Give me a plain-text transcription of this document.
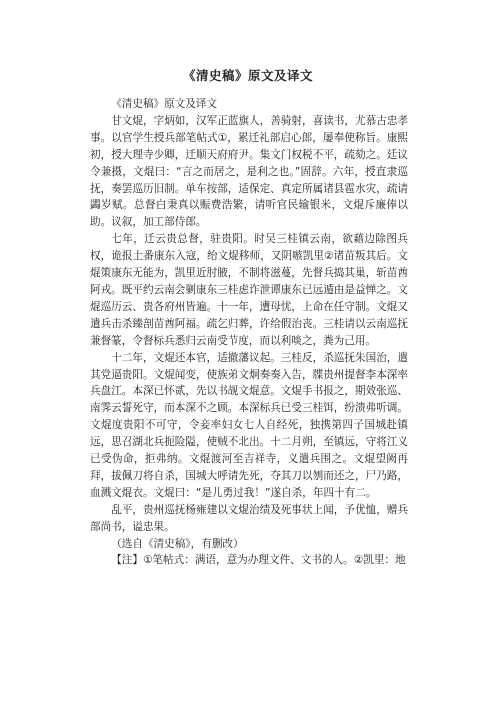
《清史稿》原文及译文

《清史稿》原文及译文

甘文焜，字炳如，汉军正蓝旗人，善骑射，喜读书，尤慕古忠孝事。以官学生授兵部笔帖式①，累迁礼部启心郎，屡奉使称旨。康熙初，授大理寺少卿，迁顺天府府尹。集文门权税不平，疏劾之。廷议令兼摄，文焜曰：“言之而居之，是利之也。”固辞。六年，授直隶巡抚，奏罢巡历旧制。单车按部，适保定、真定所属诸县雹水灾，疏请蠲岁赋。总督白秉真以赈费浩繁，请听官民输银米，文焜斥廉俸以助。议叙，加工部侍郎。

七年，迁云贵总督，驻贵阳。时吴三桂镇云南，欲藉边除图兵权，诡报土番康东入寇，绐文焜移师，又阴嗾凯里②诸苗叛其后。文焜策康东无能为，凯里近肘腋，不制将滋蔓，先督兵捣其巢，斩苗酋阿戎。既平约云南会剿康东三桂虑诈泄谭康东已远遁由是益惮之。文焜巡历云、贵各府州皆遍。十一年，遭母忧，上命在任守制。文焜又遣兵击杀臻剖苗酋阿福。疏乞归葬，许给假治丧。三桂请以云南巡抚兼督篆，令督标兵悉归云南受节度，而以利啖之，粪为己用。

十二年，文焜还本官，适撤藩议起。三桂反，杀巡抚朱国治，遣其党逼贵阳。文焜闻变，使族弟文炯奏奏入告，牒贵州提督李本深率兵盘江。本深已怀贰，先以书觇文焜意。文焜手书报之，期效张巡、南霁云誓死守，而本深不之顾。本深标兵已受三桂饵，纷溃弗听调。文焜度贵阳不可守，令妾率妇女七人自经死，独携第四子国城赴镇远，思召湖北兵扼险隘，使贼不北出。十二月朔，至镇远，守将江义已受伪命，拒弗纳。文焜渡河至吉祥寺，义遣兵围之。文焜望阙再拜，拔佩刀将自杀，国城大呼请先死，夺其刀以刎而还之，尸乃路，血溅文焜衣。文焜曰：“是儿勇过我！”遂自杀，年四十有二。

乱平，贵州巡抚杨雍建以文焜治绩及死事状上闻，予优恤，赠兵部尚书，谥忠果。

（选自《清史稿》，有删改）

【注】①笔帖式：满语，意为办理文件、文书的人。②凯里：地
